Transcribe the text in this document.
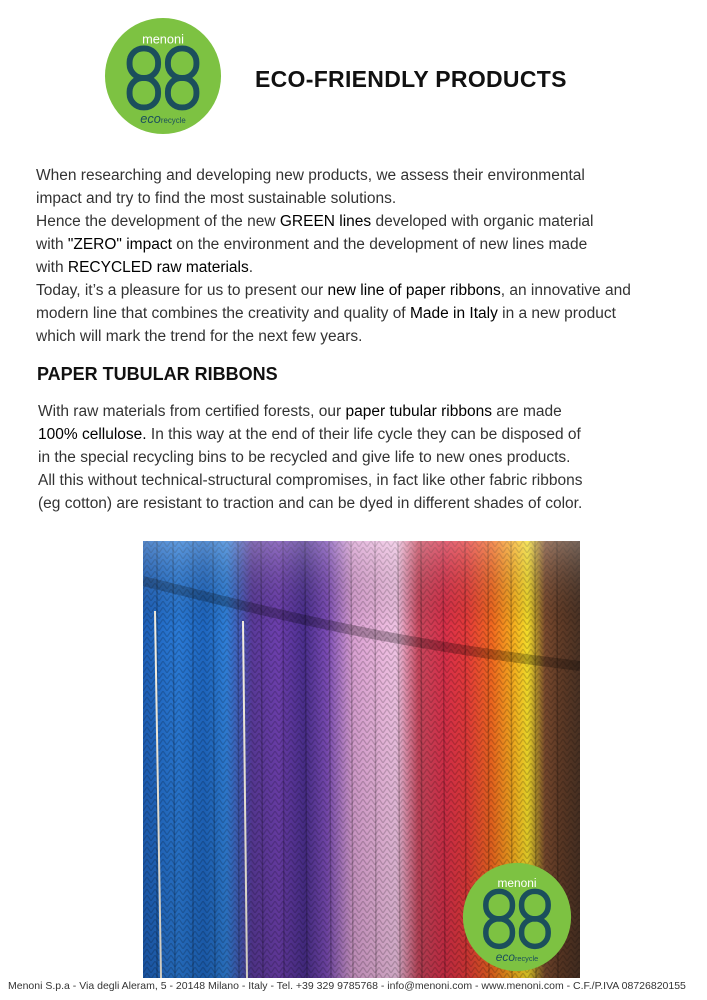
menoni
ecorecycle
ECO-FRIENDLY PRODUCTS
When researching and developing new products, we assess their environmental
impact and try to find the most sustainable solutions.
Hence the development of the new GREEN lines developed with organic material
with "ZERO" impact on the environment and the development of new lines made
with RECYCLED raw materials.
Today, it’s a pleasure for us to present our new line of paper ribbons, an innovative and
modern line that combines the creativity and quality of Made in Italy in a new product
which will mark the trend for the next few years.
PAPER TUBULAR RIBBONS
With raw materials from certified forests, our paper tubular ribbons are made
100% cellulose. In this way at the end of their life cycle they can be disposed of
in the special recycling bins to be recycled and give life to new ones products.
All this without technical-structural compromises, in fact like other fabric ribbons
(eg cotton) are resistant to traction and can be dyed in different shades of color.
menoni
ecorecycle

Menoni S.p.a - Via degli Aleram, 5 - 20148 Milano - Italy - Tel. +39 329 9785768 - info@menoni.com - www.menoni.com - C.F./P.IVA 08726820155
